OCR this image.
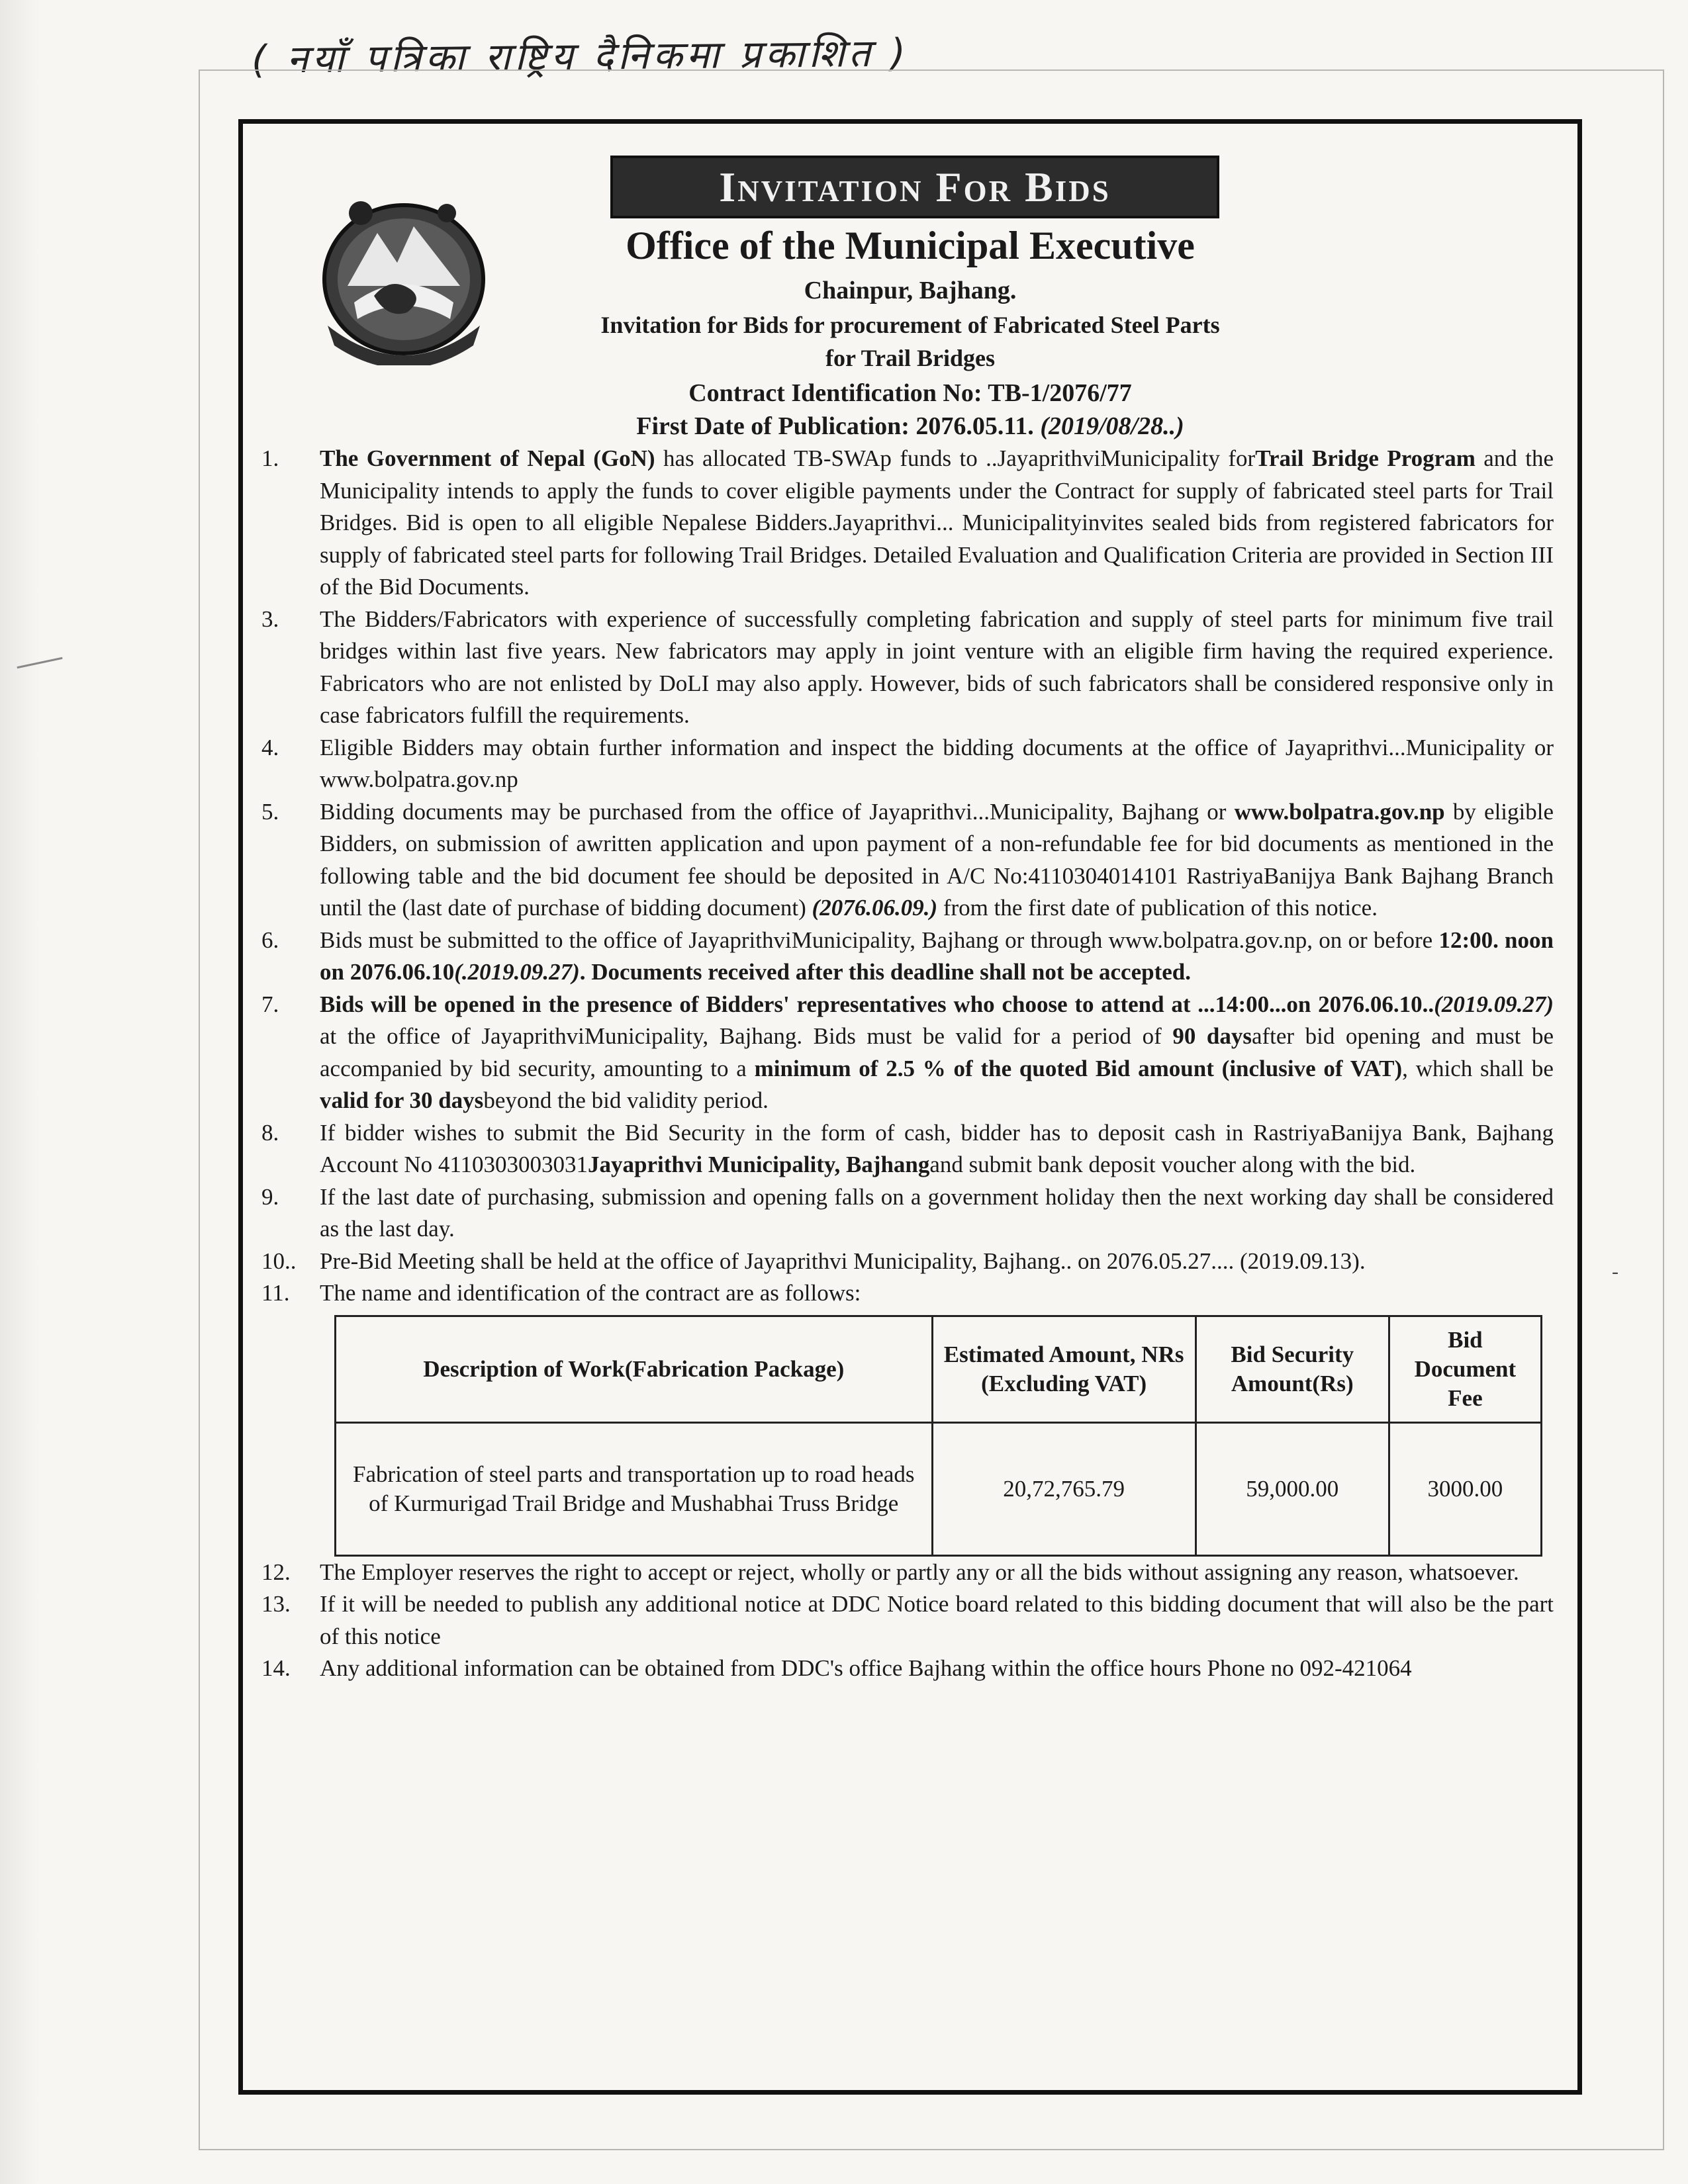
( नयाँ पत्रिका राष्ट्रिय दैनिकमा प्रकाशित )
Invitation For Bids
Office of the Municipal Executive
Chainpur, Bajhang.
Invitation for Bids for procurement of Fabricated Steel Parts
for Trail Bridges
Contract Identification No: TB-1/2076/77
First Date of Publication: 2076.05.11. (2019/08/28..)
1.	The Government of Nepal (GoN) has allocated TB-SWAp funds to ..JayaprithviMunicipality forTrail Bridge Program and the Municipality intends to apply the funds to cover eligible payments under the Contract for supply of fabricated steel parts for Trail Bridges. Bid is open to all eligible Nepalese Bidders.Jayaprithvi... Municipalityinvites sealed bids from registered fabricators for supply of fabricated steel parts for following Trail Bridges. Detailed Evaluation and Qualification Criteria are provided in Section III of the Bid Documents.
3.	The Bidders/Fabricators with experience of successfully completing fabrication and supply of steel parts for minimum five trail bridges within last five years. New fabricators may apply in joint venture with an eligible firm having the required experience. Fabricators who are not enlisted by DoLI may also apply. However, bids of such fabricators shall be considered responsive only in case fabricators fulfill the requirements.
4.	Eligible Bidders may obtain further information and inspect the bidding documents at the office of Jayaprithvi...Municipality or www.bolpatra.gov.np
5.	Bidding documents may be purchased from the office of Jayaprithvi...Municipality, Bajhang or www.bolpatra.gov.np by eligible Bidders, on submission of awritten application and upon payment of a non-refundable fee for bid documents as mentioned in the following table and the bid document fee should be deposited in A/C No:4110304014101 RastriyaBanijya Bank Bajhang Branch until the (last date of purchase of bidding document) (2076.06.09.) from the first date of publication of this notice.
6.	Bids must be submitted to the office of JayaprithviMunicipality, Bajhang or through www.bolpatra.gov.np, on or before 12:00. noon on 2076.06.10(.2019.09.27). Documents received after this deadline shall not be accepted.
7.	Bids will be opened in the presence of Bidders' representatives who choose to attend at ...14:00...on 2076.06.10..(2019.09.27) at the office of JayaprithviMunicipality, Bajhang. Bids must be valid for a period of 90 daysafter bid opening and must be accompanied by bid security, amounting to a minimum of 2.5 % of the quoted Bid amount (inclusive of VAT), which shall be valid for 30 daysbeyond the bid validity period.
8.	If bidder wishes to submit the Bid Security in the form of cash, bidder has to deposit cash in RastriyaBanijya Bank, Bajhang Account No 4110303003031Jayaprithvi Municipality, Bajhangand submit bank deposit voucher along with the bid.
9.	If the last date of purchasing, submission and opening falls on a government holiday then the next working day shall be considered as the last day.
10..	Pre-Bid Meeting shall be held at the office of Jayaprithvi Municipality, Bajhang.. on 2076.05.27.... (2019.09.13).
11.	The name and identification of the contract are as follows:
Description of Work(Fabrication Package)	Estimated Amount, NRs (Excluding VAT)	Bid Security Amount(Rs)	Bid Document Fee
Fabrication of steel parts and transportation up to road heads of Kurmurigad Trail Bridge and Mushabhai Truss Bridge	20,72,765.79	59,000.00	3000.00
12.	The Employer reserves the right to accept or reject, wholly or partly any or all the bids without assigning any reason, whatsoever.
13.	If it will be needed to publish any additional notice at DDC Notice board related to this bidding document that will also be the part of this notice
14.	Any additional information can be obtained from DDC's office Bajhang within the office hours Phone no 092-421064
-
